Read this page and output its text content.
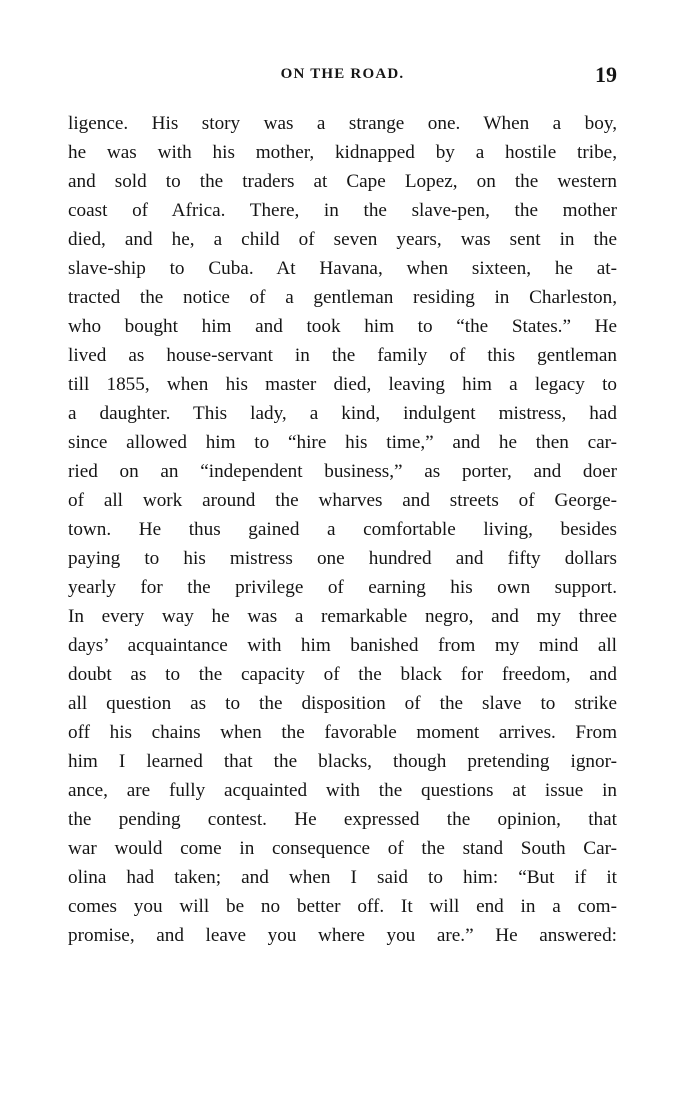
ON THE ROAD.	19
ligence. His story was a strange one. When a boy,
he was with his mother, kidnapped by a hostile tribe,
and sold to the traders at Cape Lopez, on the western
coast of Africa. There, in the slave-pen, the mother
died, and he, a child of seven years, was sent in the
slave-ship to Cuba. At Havana, when sixteen, he at-
tracted the notice of a gentleman residing in Charleston,
who bought him and took him to “the States.” He
lived as house-servant in the family of this gentleman
till 1855, when his master died, leaving him a legacy to
a daughter. This lady, a kind, indulgent mistress, had
since allowed him to “hire his time,” and he then car-
ried on an “independent business,” as porter, and doer
of all work around the wharves and streets of George-
town. He thus gained a comfortable living, besides
paying to his mistress one hundred and fifty dollars
yearly for the privilege of earning his own support.
In every way he was a remarkable negro, and my three
days’ acquaintance with him banished from my mind all
doubt as to the capacity of the black for freedom, and
all question as to the disposition of the slave to strike
off his chains when the favorable moment arrives. From
him I learned that the blacks, though pretending ignor-
ance, are fully acquainted with the questions at issue in
the pending contest. He expressed the opinion, that
war would come in consequence of the stand South Car-
olina had taken; and when I said to him: “But if it
comes you will be no better off. It will end in a com-
promise, and leave you where you are.” He answered:
